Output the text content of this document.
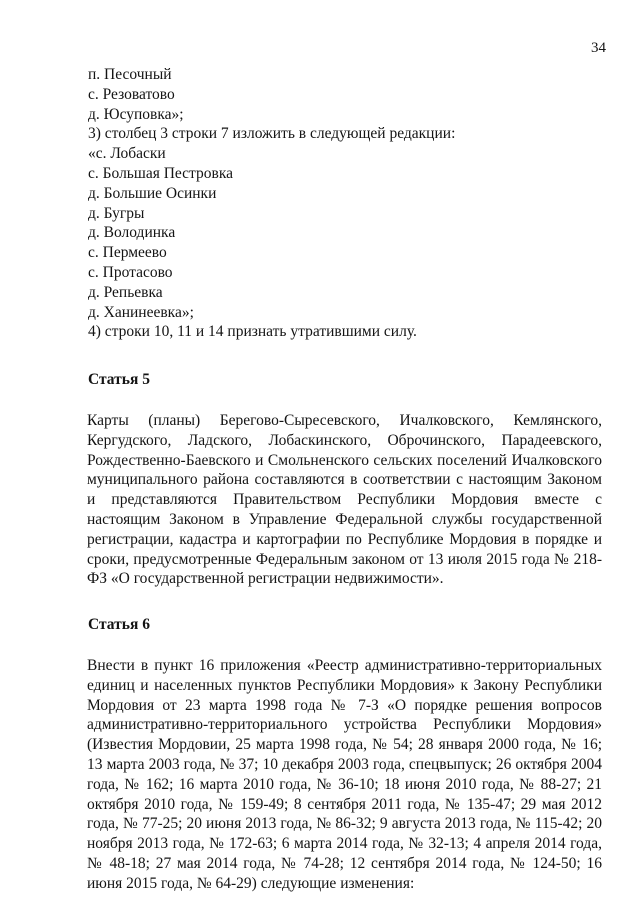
34

п. Песочный

с. Резоватово

д. Юсуповка»;

3) столбец 3 строки 7 изложить в следующей редакции:

«с. Лобаски

с. Большая Пестровка

д. Большие Осинки

д. Бугры

д. Володинка

с. Пермеево

с. Протасово

д. Репьевка

д. Ханинеевка»;

4) строки 10, 11 и 14 признать утратившими силу.

Статья 5

Карты (планы) Берегово-Сыресевского, Ичалковского, Кемлянского, Кергудского, Ладского, Лобаскинского, Оброчинского, Парадеевского, Рождественно-Баевского и Смольненского сельских поселений Ичалковского муниципального района составляются в соответствии с настоящим Законом и представляются Правительством Республики Мордовия вместе с настоящим Законом в Управление Федеральной службы государственной регистрации, кадастра и картографии по Республике Мордовия в порядке и сроки, предусмотренные Федеральным законом от 13 июля 2015 года № 218-ФЗ «О государственной регистрации недвижимости».

Статья 6

Внести в пункт 16 приложения «Реестр административно-территориальных единиц и населенных пунктов Республики Мордовия» к Закону Республики Мордовия от 23 марта 1998 года № 7-З «О порядке решения вопросов административно-территориального устройства Республики Мордовия» (Известия Мордовии, 25 марта 1998 года, № 54; 28 января 2000 года, № 16; 13 марта 2003 года, № 37; 10 декабря 2003 года, спецвыпуск; 26 октября 2004 года, № 162; 16 марта 2010 года, № 36-10; 18 июня 2010 года, № 88-27; 21 октября 2010 года, № 159-49; 8 сентября 2011 года, № 135-47; 29 мая 2012 года, № 77-25; 20 июня 2013 года, № 86-32; 9 августа 2013 года, № 115-42; 20 ноября 2013 года, № 172-63; 6 марта 2014 года, № 32-13; 4 апреля 2014 года, № 48-18; 27 мая 2014 года, № 74-28; 12 сентября 2014 года, № 124-50; 16 июня 2015 года, № 64-29) следующие изменения:
